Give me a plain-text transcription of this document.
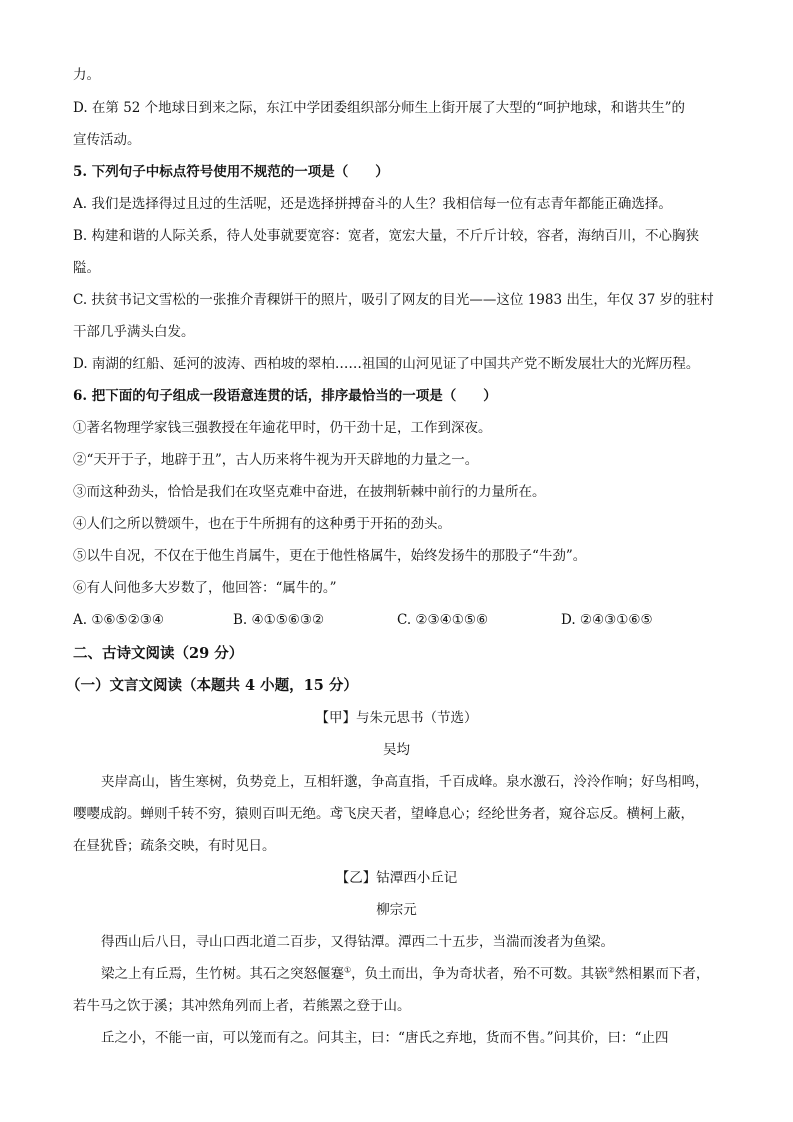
力。
D. 在第 52 个地球日到来之际，东江中学团委组织部分师生上街开展了大型的“呵护地球，和谐共生”的
宣传活动。
5. 下列句子中标点符号使用不规范的一项是（　　）
A. 我们是选择得过且过的生活呢，还是选择拼搏奋斗的人生？我相信每一位有志青年都能正确选择。
B. 构建和谐的人际关系，待人处事就要宽容：宽者，宽宏大量，不斤斤计较，容者，海纳百川，不心胸狭
隘。
C. 扶贫书记文雪松的一张推介青稞饼干的照片，吸引了网友的目光——这位 1983 出生，年仅 37 岁的驻村
干部几乎满头白发。
D. 南湖的红船、延河的波涛、西柏坡的翠柏……祖国的山河见证了中国共产党不断发展壮大的光辉历程。
6. 把下面的句子组成一段语意连贯的话，排序最恰当的一项是（　　）
①著名物理学家钱三强教授在年逾花甲时，仍干劲十足，工作到深夜。
②“天开于子，地辟于丑”，古人历来将牛视为开天辟地的力量之一。
③而这种劲头，恰恰是我们在攻坚克难中奋进，在披荆斩棘中前行的力量所在。
④人们之所以赞颂牛，也在于牛所拥有的这种勇于开拓的劲头。
⑤以牛自况，不仅在于他生肖属牛，更在于他性格属牛，始终发扬牛的那股子“牛劲”。
⑥有人问他多大岁数了，他回答：“属牛的。”
A. ①⑥⑤②③④	B. ④①⑤⑥③②	C. ②③④①⑤⑥	D. ②④③①⑥⑤
二、古诗文阅读（29 分）
（一）文言文阅读（本题共 4 小题，15 分）
【甲】与朱元思书（节选）
吴均
夹岸高山，皆生寒树，负势竞上，互相轩邈，争高直指，千百成峰。泉水激石，泠泠作响；好鸟相鸣，
嘤嘤成韵。蝉则千转不穷，猿则百叫无绝。鸢飞戾天者，望峰息心；经纶世务者，窥谷忘反。横柯上蔽，
在昼犹昏；疏条交映，有时见日。
【乙】钴潭西小丘记
柳宗元
得西山后八日，寻山口西北道二百步，又得钴潭。潭西二十五步，当湍而浚者为鱼梁。
梁之上有丘焉，生竹树。其石之突怒偃蹇①，负土而出，争为奇状者，殆不可数。其嵚②然相累而下者，
若牛马之饮于溪；其冲然角列而上者，若熊罴之登于山。
丘之小，不能一亩，可以笼而有之。问其主，曰：“唐氏之弃地，货而不售。”问其价，曰：“止四
